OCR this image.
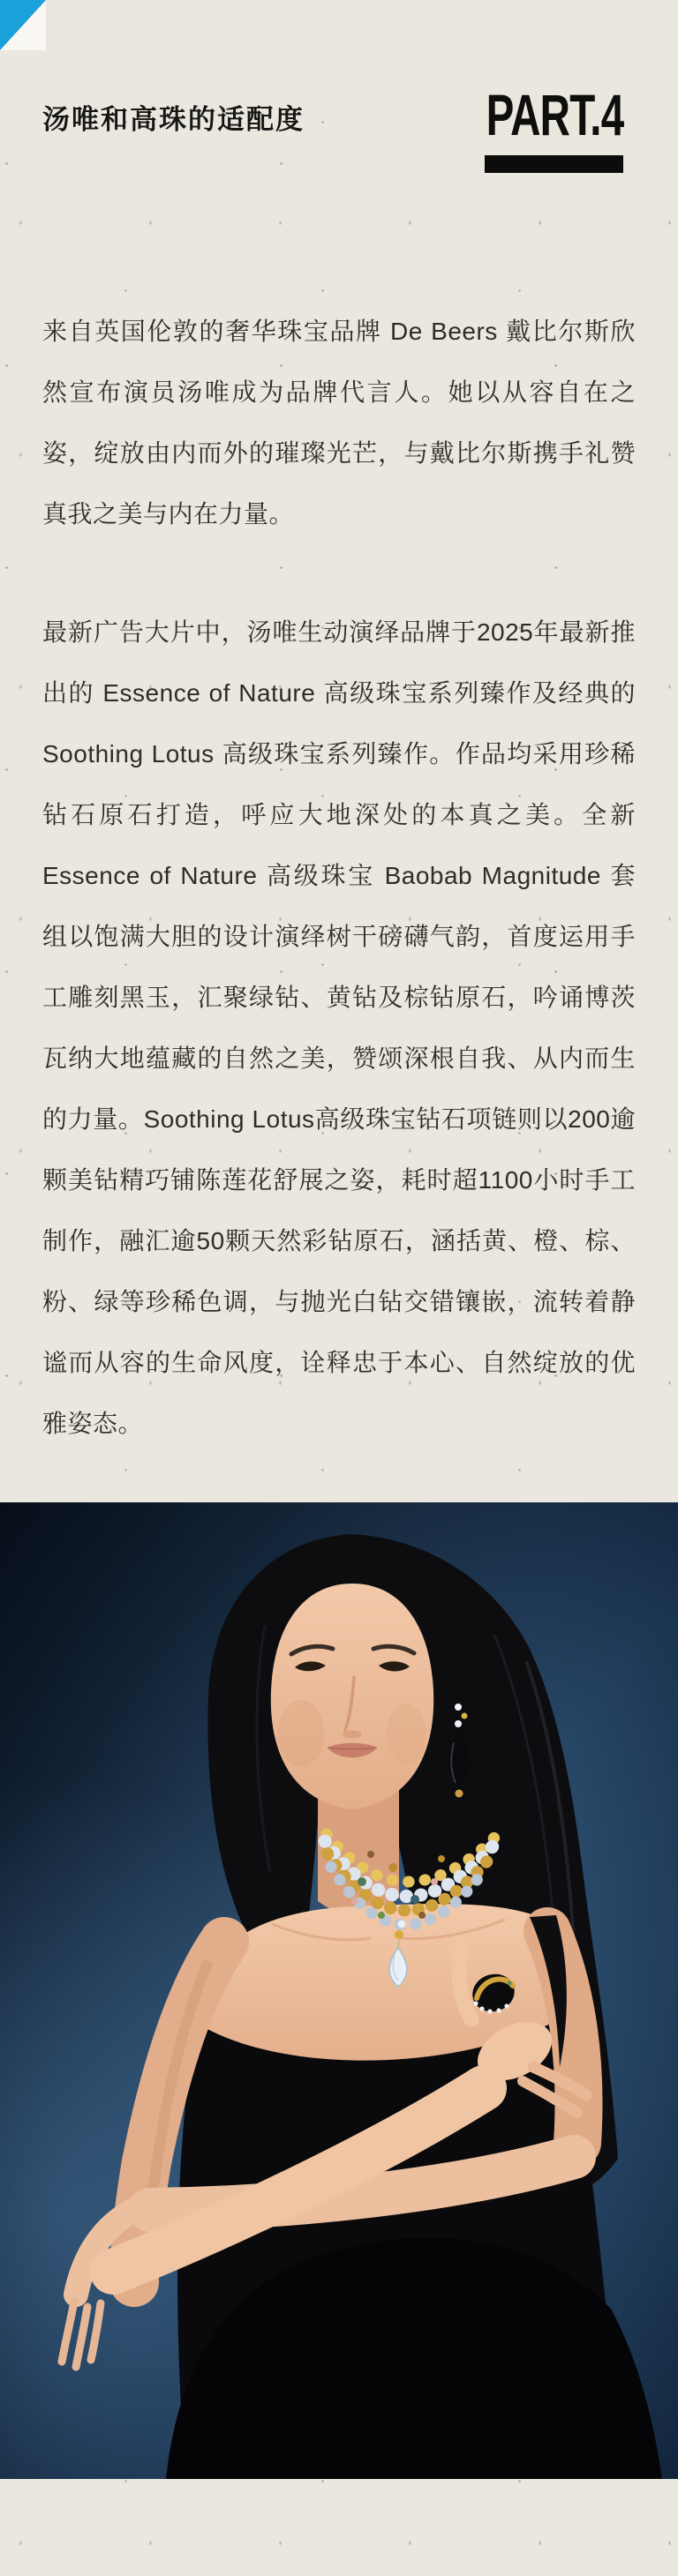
汤唯和高珠的适配度	PART.4

来自英国伦敦的奢华珠宝品牌 De Beers 戴比尔斯欣然宣布演员汤唯成为品牌代言人。她以从容自在之姿，绽放由内而外的璀璨光芒，与戴比尔斯携手礼赞真我之美与内在力量。

最新广告大片中，汤唯生动演绎品牌于2025年最新推出的 Essence of Nature 高级珠宝系列臻作及经典的 Soothing Lotus 高级珠宝系列臻作。作品均采用珍稀钻石原石打造，呼应大地深处的本真之美。全新 Essence of Nature 高级珠宝 Baobab Magnitude 套组以饱满大胆的设计演绎树干磅礴气韵，首度运用手工雕刻黑玉，汇聚绿钻、黄钻及棕钻原石，吟诵博茨瓦纳大地蕴藏的自然之美，赞颂深根自我、从内而生的力量。Soothing Lotus高级珠宝钻石项链则以200逾颗美钻精巧铺陈莲花舒展之姿，耗时超1100小时手工制作，融汇逾50颗天然彩钻原石，涵括黄、橙、棕、粉、绿等珍稀色调，与抛光白钻交错镶嵌，流转着静谧而从容的生命风度，诠释忠于本心、自然绽放的优雅姿态。
